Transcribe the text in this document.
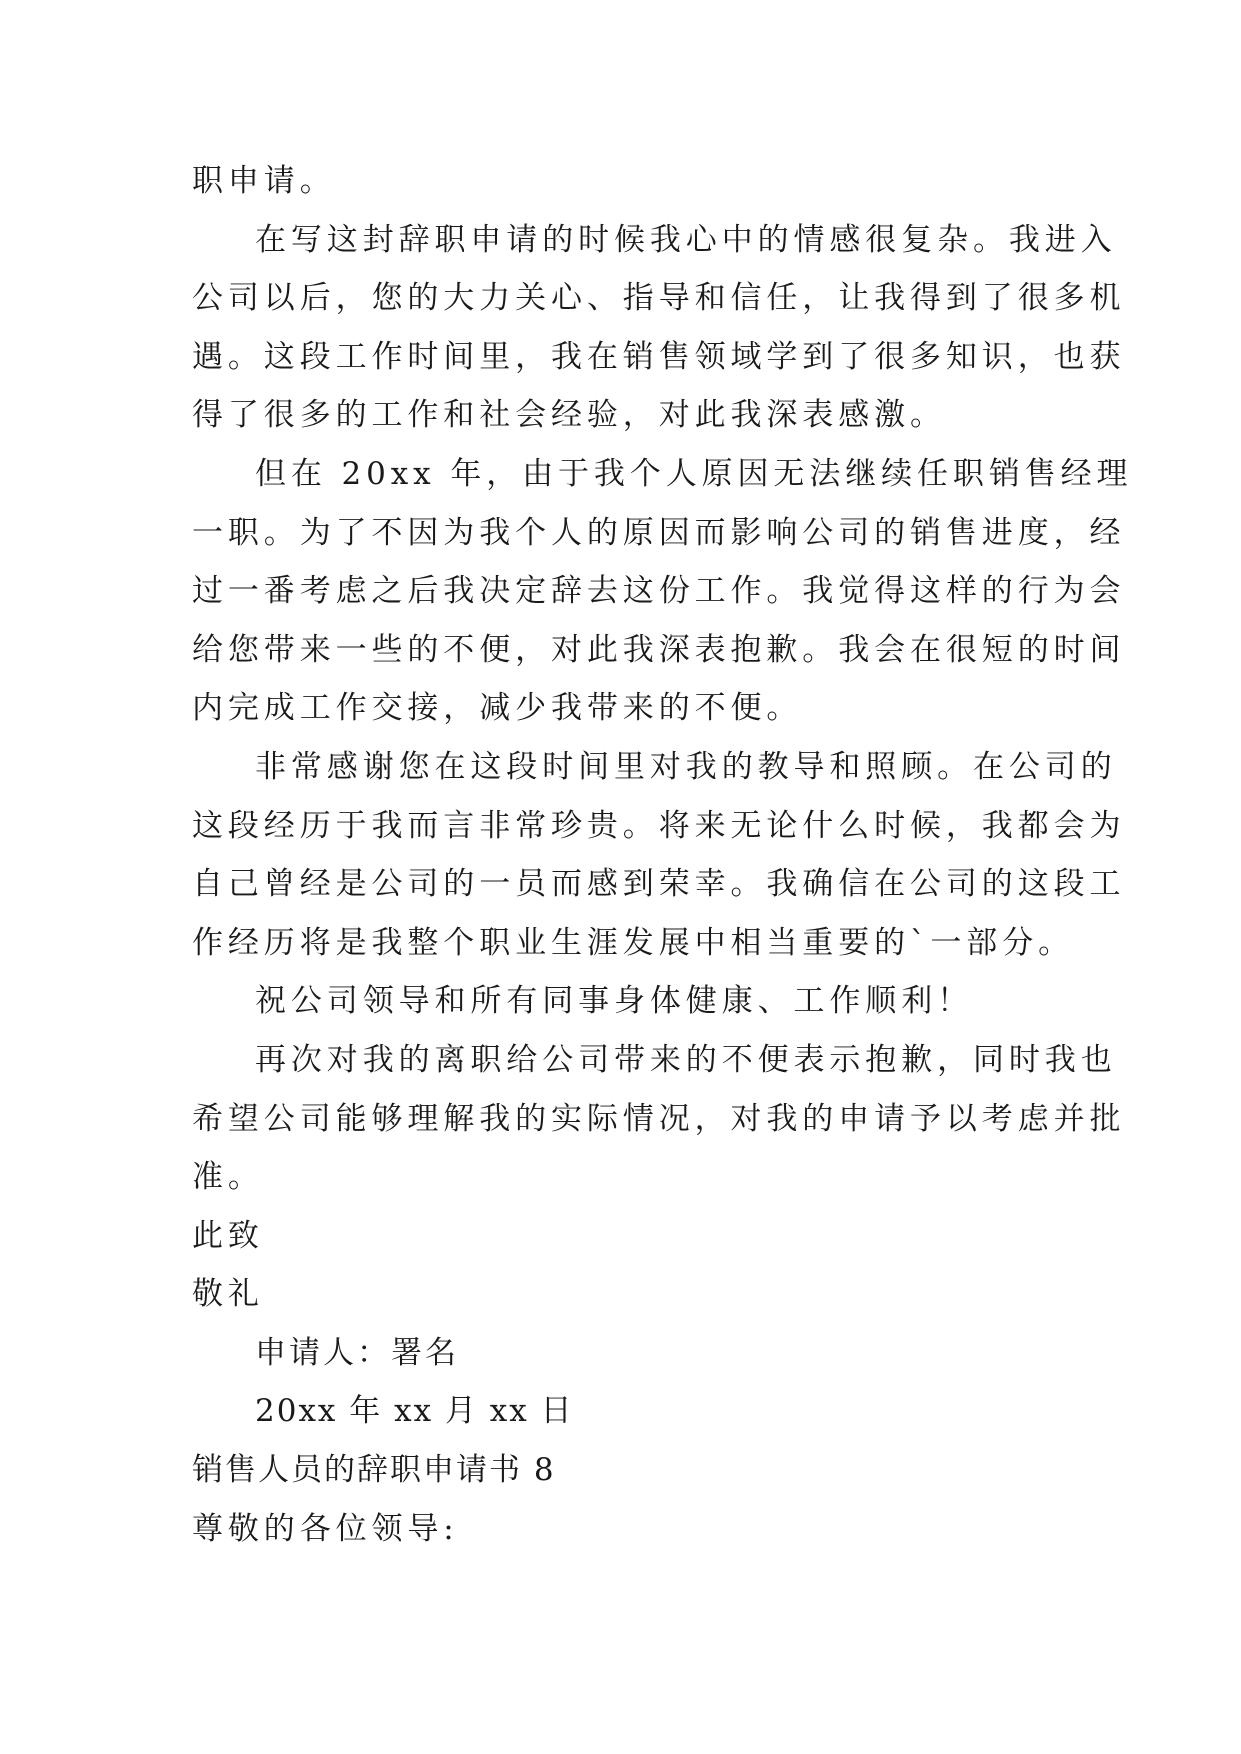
职申请。
在写这封辞职申请的时候我心中的情感很复杂。我进入
公司以后，您的大力关心、指导和信任，让我得到了很多机
遇。这段工作时间里，我在销售领域学到了很多知识，也获
得了很多的工作和社会经验，对此我深表感激。
但在 20xx 年，由于我个人原因无法继续任职销售经理
一职。为了不因为我个人的原因而影响公司的销售进度，经
过一番考虑之后我决定辞去这份工作。我觉得这样的行为会
给您带来一些的不便，对此我深表抱歉。我会在很短的时间
内完成工作交接，减少我带来的不便。
非常感谢您在这段时间里对我的教导和照顾。在公司的
这段经历于我而言非常珍贵。将来无论什么时候，我都会为
自己曾经是公司的一员而感到荣幸。我确信在公司的这段工
作经历将是我整个职业生涯发展中相当重要的`一部分。
祝公司领导和所有同事身体健康、工作顺利！
再次对我的离职给公司带来的不便表示抱歉，同时我也
希望公司能够理解我的实际情况，对我的申请予以考虑并批
准。
此致
敬礼
申请人：署名
20xx 年 xx 月 xx 日
销售人员的辞职申请书 8
尊敬的各位领导:
